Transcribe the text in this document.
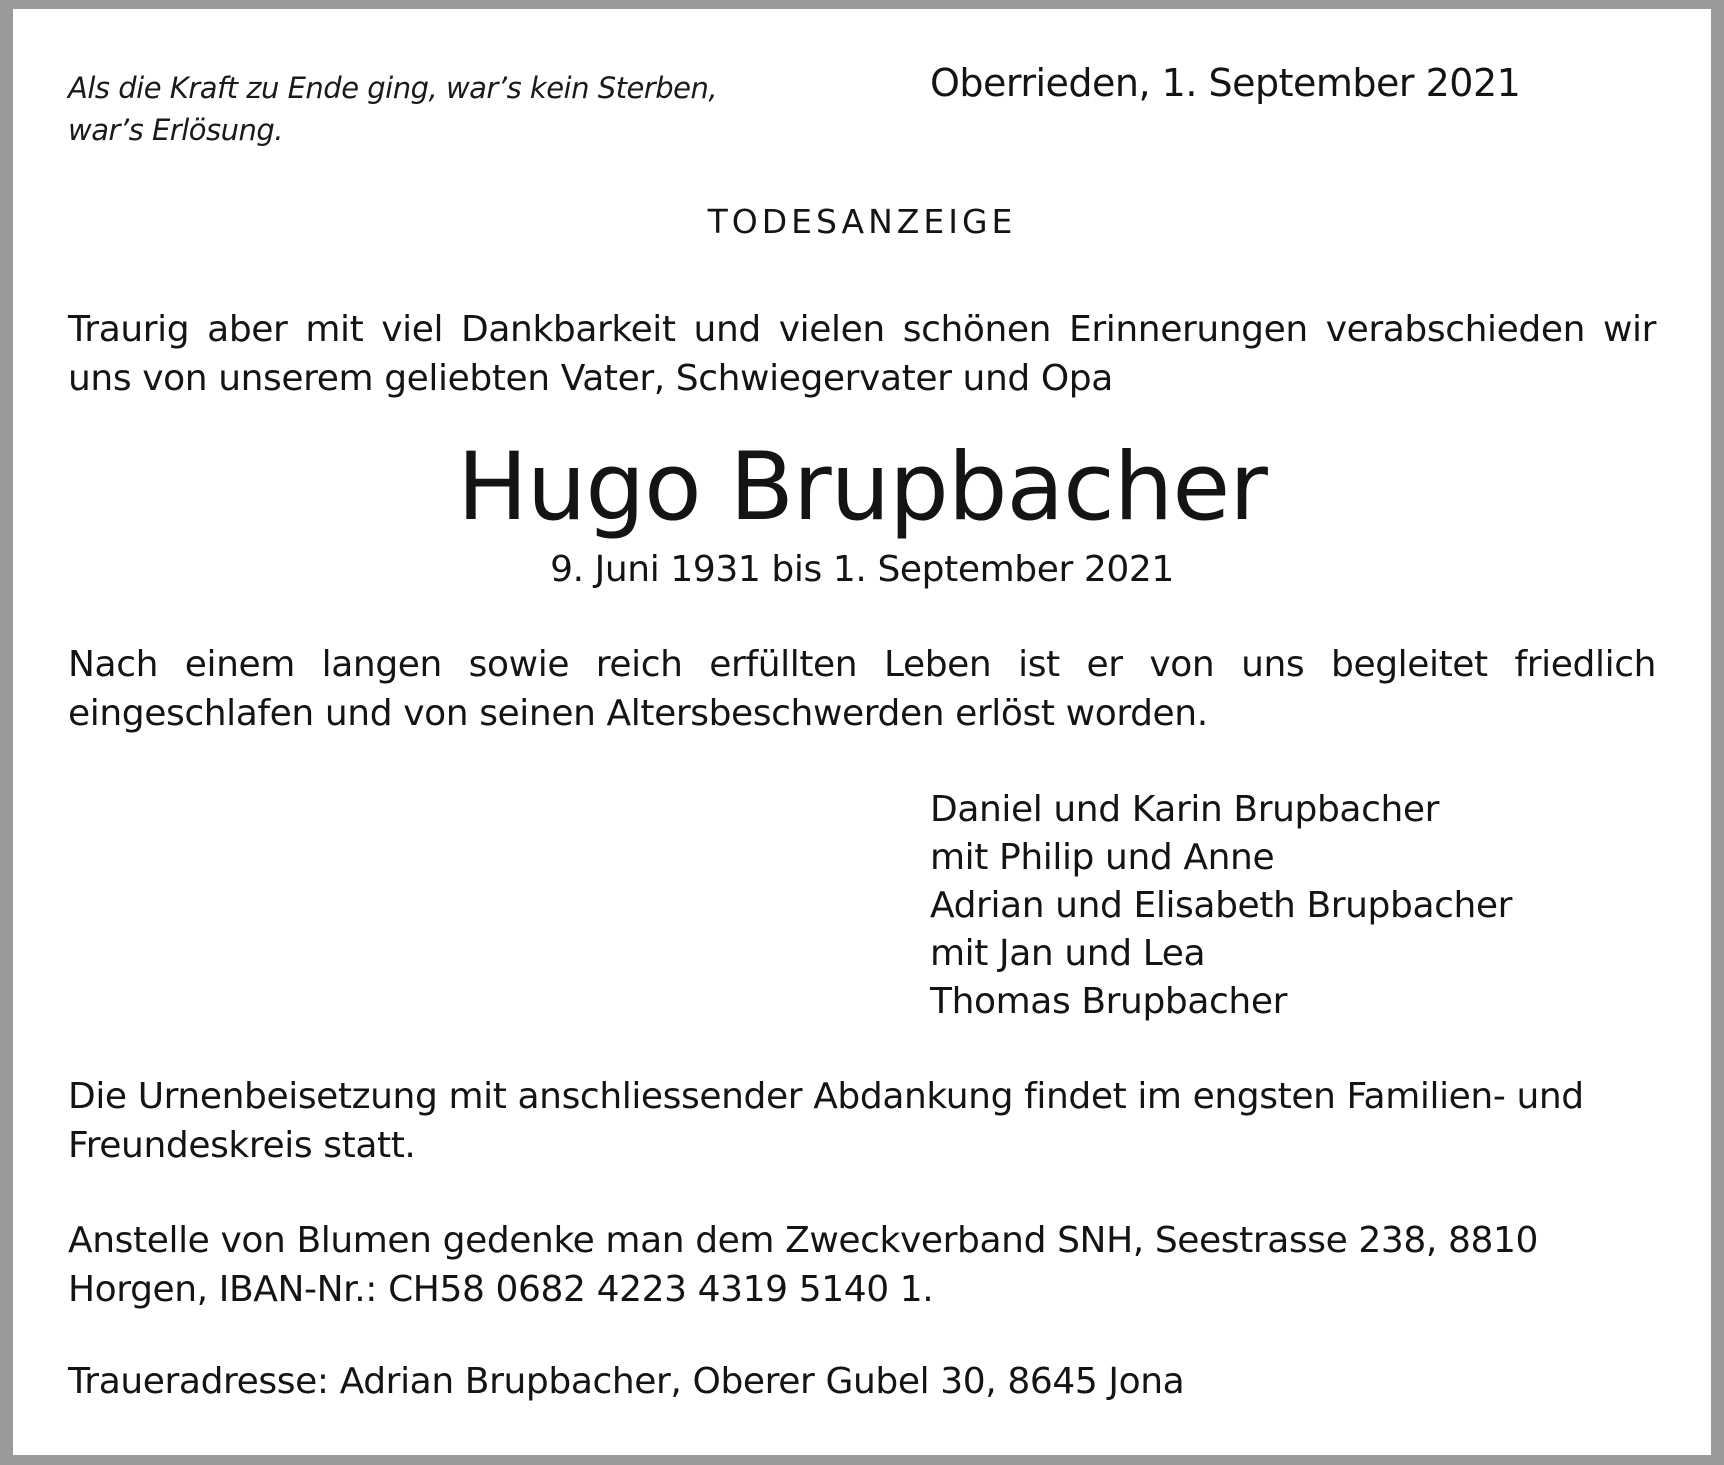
Als die Kraft zu Ende ging, war’s kein Sterben,
war’s Erlösung.
Oberrieden, 1. September 2021
TODESANZEIGE

Traurig aber mit viel Dankbarkeit und vielen schönen Erinnerungen verabschieden wir uns von unserem geliebten Vater, Schwiegervater und Opa

Hugo Brupbacher
9. Juni 1931 bis 1. September 2021

Nach einem langen sowie reich erfüllten Leben ist er von uns begleitet friedlich eingeschlafen und von seinen Altersbeschwerden erlöst worden.

Daniel und Karin Brupbacher
mit Philip und Anne
Adrian und Elisabeth Brupbacher
mit Jan und Lea
Thomas Brupbacher

Die Urnenbeisetzung mit anschliessender Abdankung findet im engsten Familien- und Freundeskreis statt.

Anstelle von Blumen gedenke man dem Zweckverband SNH, Seestrasse 238, 8810
Horgen, IBAN-Nr.: CH58 0682 4223 4319 5140 1.
Traueradresse: Adrian Brupbacher, Oberer Gubel 30, 8645 Jona
